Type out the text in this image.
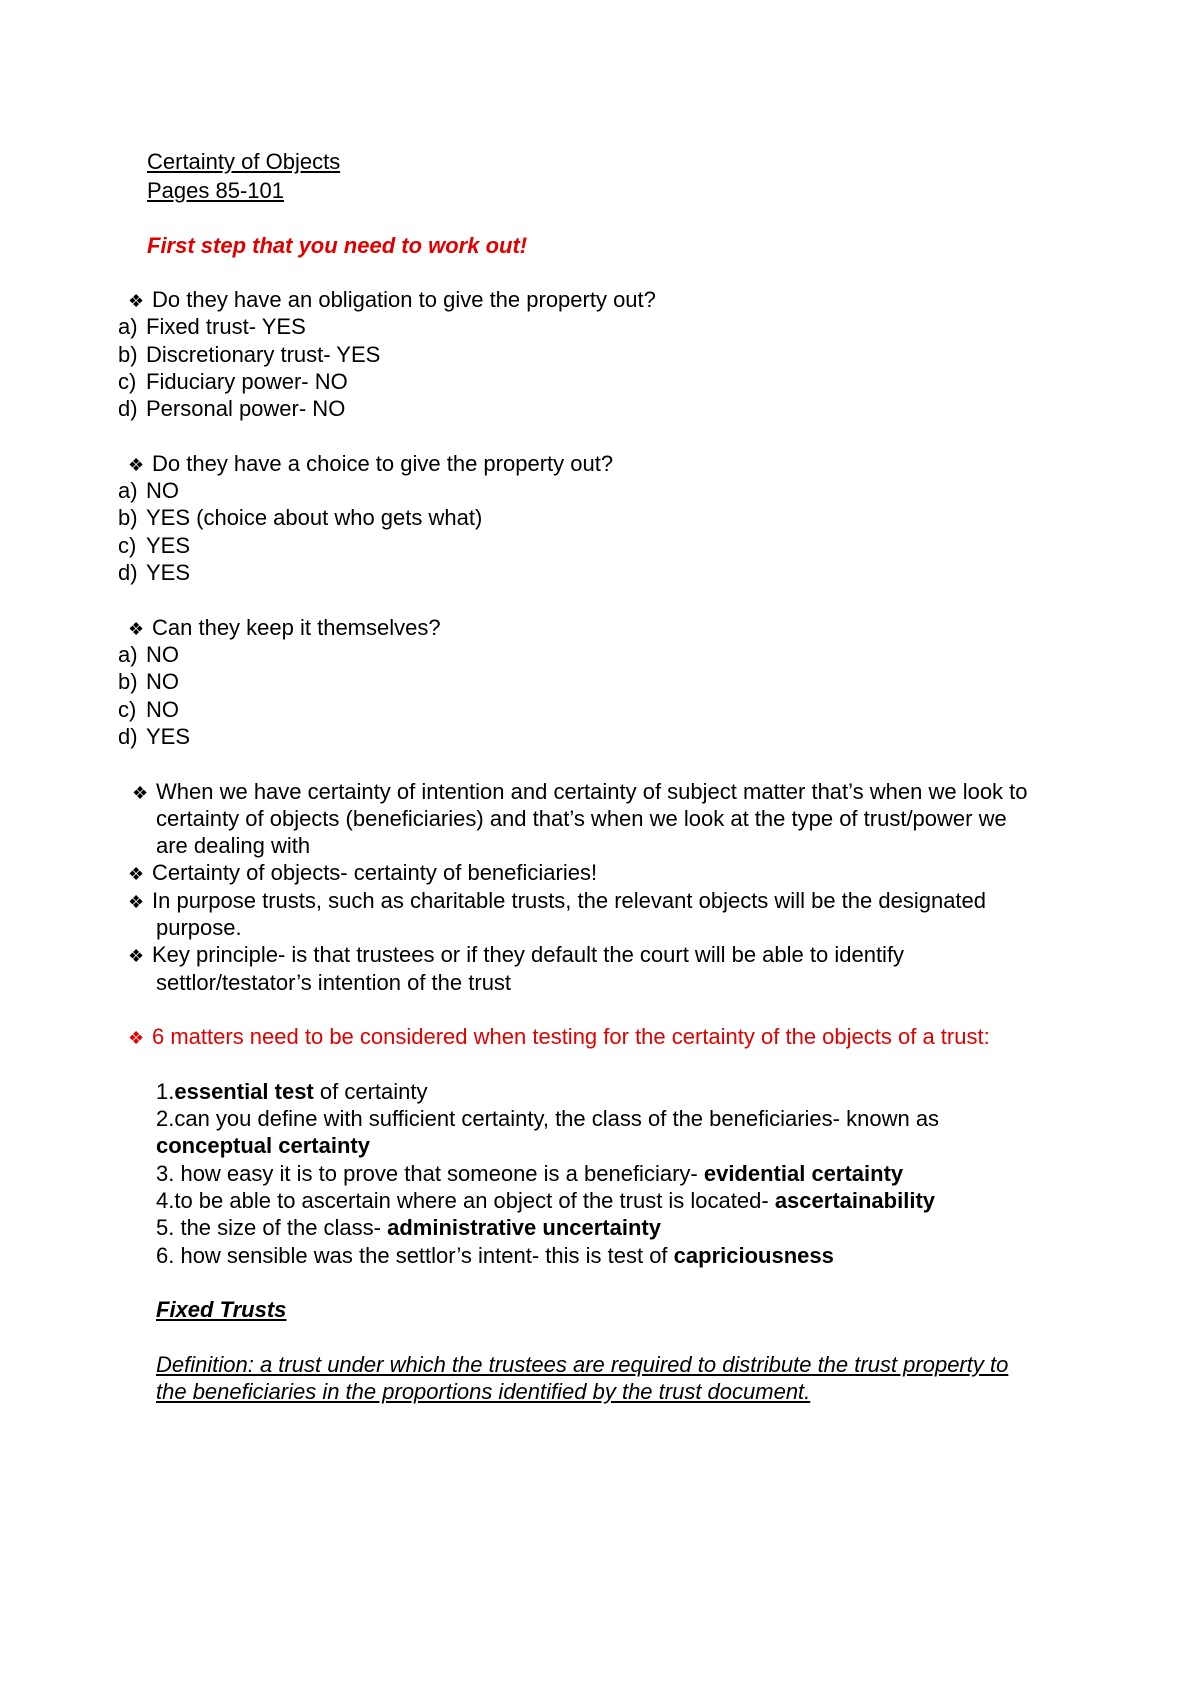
Certainty of Objects
Pages 85-101
First step that you need to work out!
❖ Do they have an obligation to give the property out?
a) Fixed trust- YES
b) Discretionary trust- YES
c) Fiduciary power- NO
d) Personal power- NO
❖ Do they have a choice to give the property out?
a) NO
b) YES (choice about who gets what)
c) YES
d) YES
❖ Can they keep it themselves?
a) NO
b) NO
c) NO
d) YES
❖ When we have certainty of intention and certainty of subject matter that’s when we look to
certainty of objects (beneficiaries) and that’s when we look at the type of trust/power we
are dealing with
❖ Certainty of objects- certainty of beneficiaries!
❖ In purpose trusts, such as charitable trusts, the relevant objects will be the designated
purpose.
❖ Key principle- is that trustees or if they default the court will be able to identify
settlor/testator’s intention of the trust
❖ 6 matters need to be considered when testing for the certainty of the objects of a trust:
1.essential test of certainty
2.can you define with sufficient certainty, the class of the beneficiaries- known as
conceptual certainty
3. how easy it is to prove that someone is a beneficiary- evidential certainty
4.to be able to ascertain where an object of the trust is located- ascertainability
5. the size of the class- administrative uncertainty
6. how sensible was the settlor’s intent- this is test of capriciousness
Fixed Trusts
Definition: a trust under which the trustees are required to distribute the trust property to
the beneficiaries in the proportions identified by the trust document.
